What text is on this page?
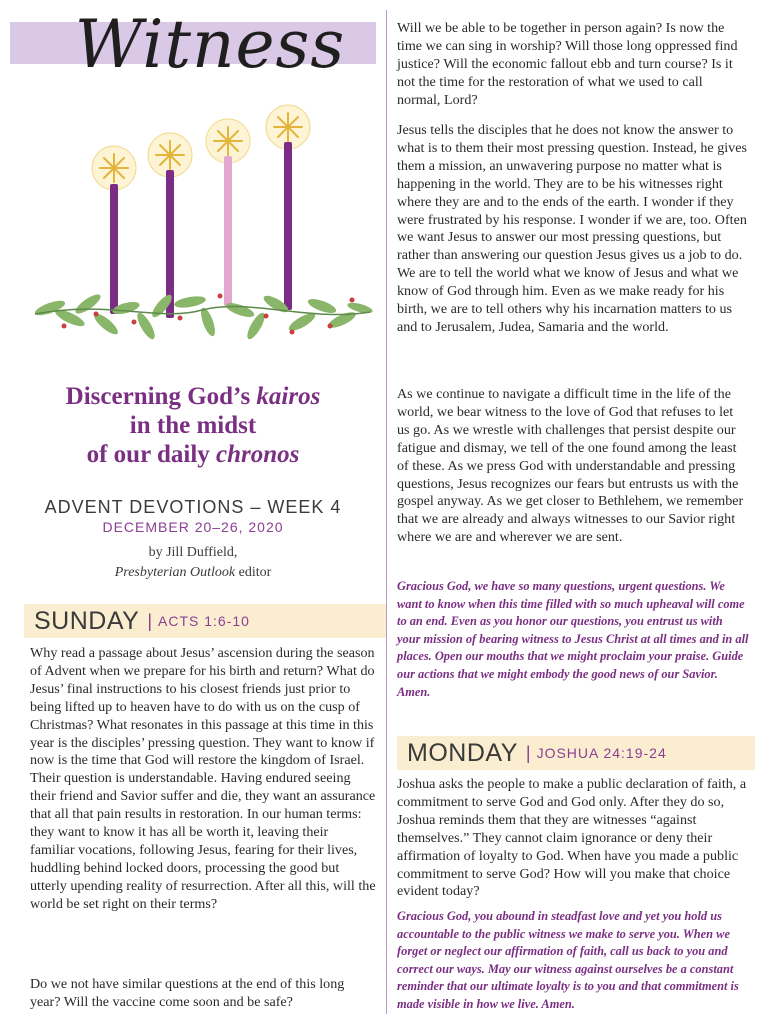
Witness
Discerning God’s kairos
in the midst
of our daily chronos
ADVENT DEVOTIONS – WEEK 4
DECEMBER 20–26, 2020
by Jill Duffield,
Presbyterian Outlook editor
SUNDAY | ACTS 1:6-10

Why read a passage about Jesus’ ascension during the season of Advent when we prepare for his birth and return? What do Jesus’ final instructions to his closest friends just prior to being lifted up to heaven have to do with us on the cusp of Christmas? What resonates in this passage at this time in this year is the disciples’ pressing question. They want to know if now is the time that God will restore the kingdom of Israel. Their question is understandable. Having endured seeing their friend and Savior suffer and die, they want an assurance that all that pain results in restoration. In our human terms: they want to know it has all be worth it, leaving their familiar vocations, following Jesus, fearing for their lives, huddling behind locked doors, processing the good but utterly upending reality of resurrection. After all this, will the world be set right on their terms?

Do we not have similar questions at the end of this long year? Will the vaccine come soon and be safe?

Will we be able to be together in person again? Is now the time we can sing in worship? Will those long oppressed find justice? Will the economic fallout ebb and turn course? Is it not the time for the restoration of what we used to call normal, Lord?

Jesus tells the disciples that he does not know the answer to what is to them their most pressing question. Instead, he gives them a mission, an unwavering purpose no matter what is happening in the world. They are to be his witnesses right where they are and to the ends of the earth. I wonder if they were frustrated by his response. I wonder if we are, too. Often we want Jesus to answer our most pressing questions, but rather than answering our question Jesus gives us a job to do. We are to tell the world what we know of Jesus and what we know of God through him. Even as we make ready for his birth, we are to tell others why his incarnation matters to us and to Jerusalem, Judea, Samaria and the world.

As we continue to navigate a difficult time in the life of the world, we bear witness to the love of God that refuses to let us go. As we wrestle with challenges that persist despite our fatigue and dismay, we tell of the one found among the least of these. As we press God with understandable and pressing questions, Jesus recognizes our fears but entrusts us with the gospel anyway. As we get closer to Bethlehem, we remember that we are already and always witnesses to our Savior right where we are and wherever we are sent.

Gracious God, we have so many questions, urgent questions. We want to know when this time filled with so much upheaval will come to an end. Even as you honor our questions, you entrust us with your mission of bearing witness to Jesus Christ at all times and in all places. Open our mouths that we might proclaim your praise. Guide our actions that we might embody the good news of our Savior. Amen.

MONDAY | JOSHUA 24:19-24

Joshua asks the people to make a public declaration of faith, a commitment to serve God and God only. After they do so, Joshua reminds them that they are witnesses “against themselves.” They cannot claim ignorance or deny their affirmation of loyalty to God. When have you made a public commitment to serve God? How will you make that choice evident today?

Gracious God, you abound in steadfast love and yet you hold us accountable to the public witness we make to serve you. When we forget or neglect our affirmation of faith, call us back to you and correct our ways. May our witness against ourselves be a constant reminder that our ultimate loyalty is to you and that commitment is made visible in how we live. Amen.
